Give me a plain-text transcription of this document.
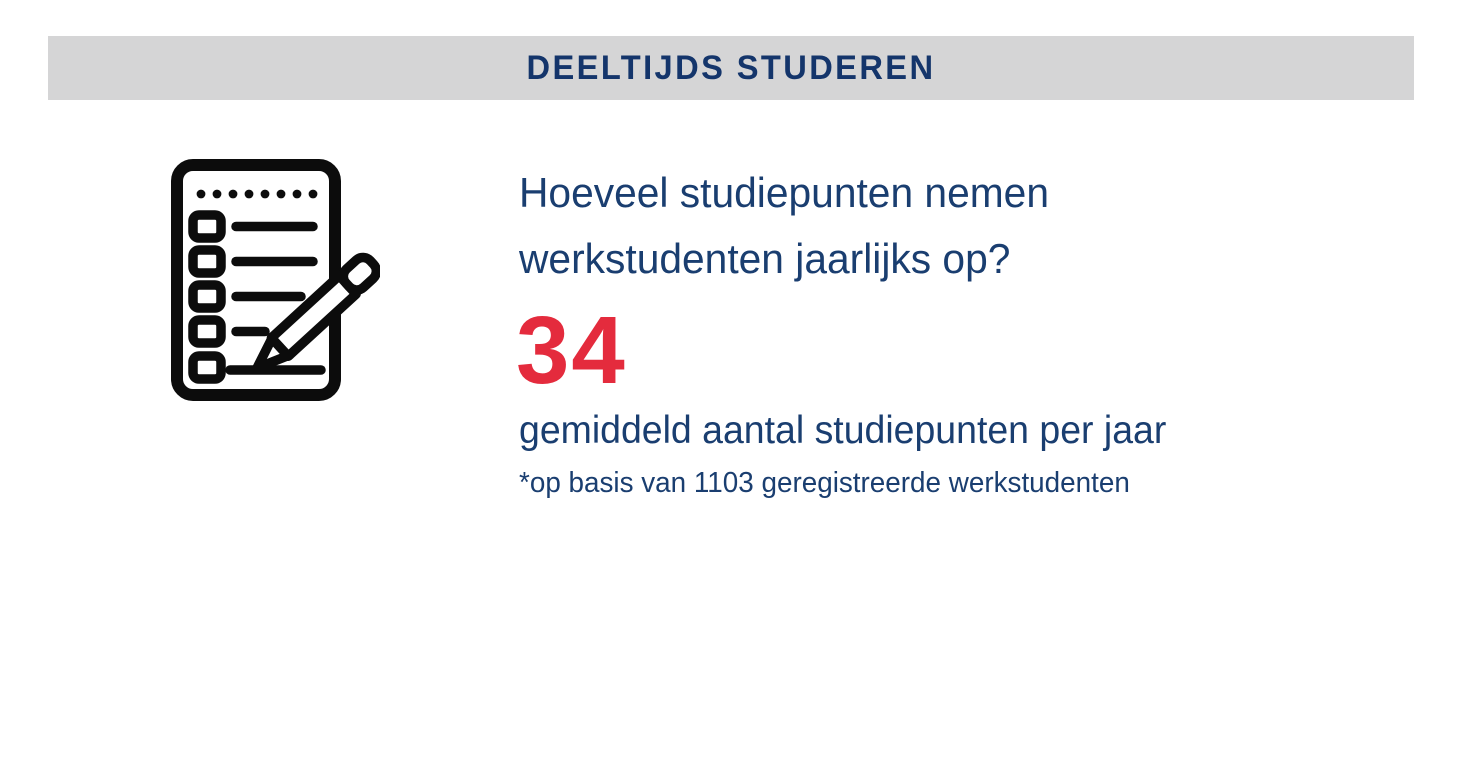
DEELTIJDS STUDEREN
Hoeveel studiepunten nemen werkstudenten jaarlijks op?
34
gemiddeld aantal studiepunten per jaar
*op basis van 1103 geregistreerde werkstudenten
